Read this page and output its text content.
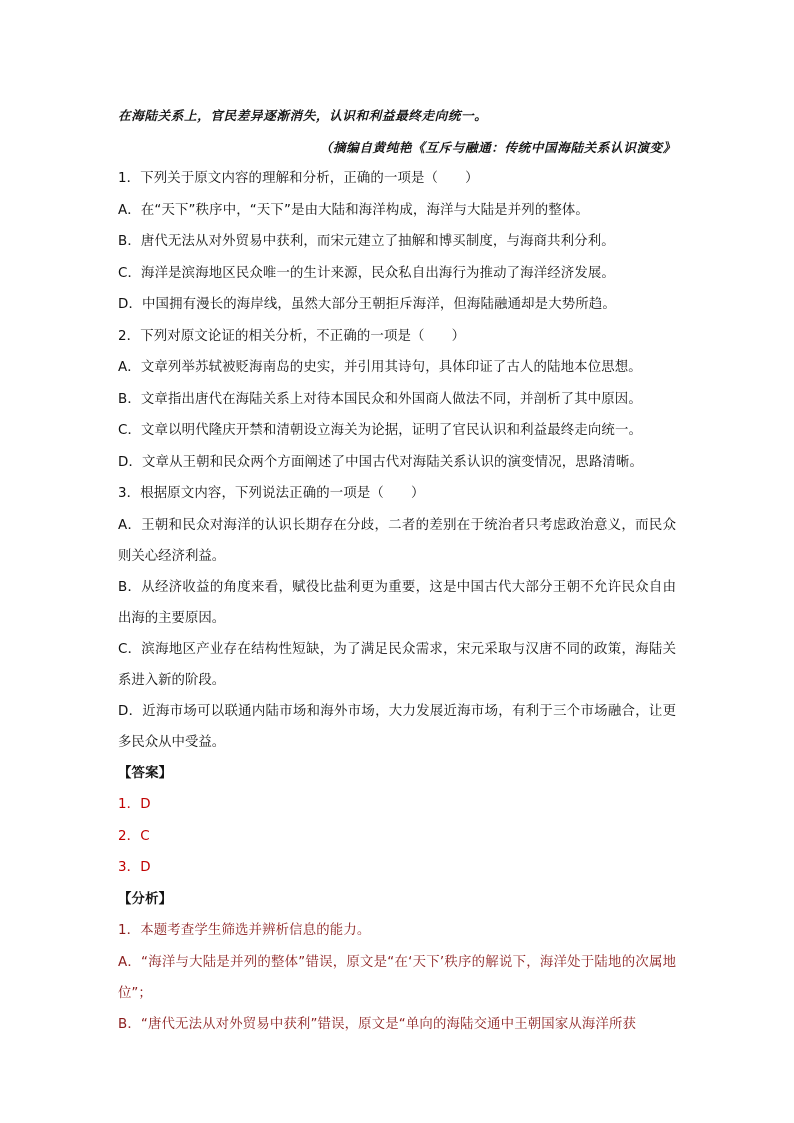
在海陆关系上，官民差异逐渐消失，认识和利益最终走向统一。
（摘编自黄纯艳《互斥与融通：传统中国海陆关系认识演变》
1．下列关于原文内容的理解和分析，正确的一项是（　　）
A．在“天下”秩序中，“天下”是由大陆和海洋构成，海洋与大陆是并列的整体。
B．唐代无法从对外贸易中获利，而宋元建立了抽解和博买制度，与海商共利分利。
C．海洋是滨海地区民众唯一的生计来源，民众私自出海行为推动了海洋经济发展。
D．中国拥有漫长的海岸线，虽然大部分王朝拒斥海洋，但海陆融通却是大势所趋。
2．下列对原文论证的相关分析，不正确的一项是（　　）
A．文章列举苏轼被贬海南岛的史实，并引用其诗句，具体印证了古人的陆地本位思想。
B．文章指出唐代在海陆关系上对待本国民众和外国商人做法不同，并剖析了其中原因。
C．文章以明代隆庆开禁和清朝设立海关为论据，证明了官民认识和利益最终走向统一。
D．文章从王朝和民众两个方面阐述了中国古代对海陆关系认识的演变情况，思路清晰。
3．根据原文内容，下列说法正确的一项是（　　）
A．王朝和民众对海洋的认识长期存在分歧，二者的差别在于统治者只考虑政治意义，而民众则关心经济利益。
B．从经济收益的角度来看，赋役比盐利更为重要，这是中国古代大部分王朝不允许民众自由出海的主要原因。
C．滨海地区产业存在结构性短缺，为了满足民众需求，宋元采取与汉唐不同的政策，海陆关系进入新的阶段。
D．近海市场可以联通内陆市场和海外市场，大力发展近海市场，有利于三个市场融合，让更多民众从中受益。
【答案】
1．D
2．C
3．D
【分析】
1．本题考查学生筛选并辨析信息的能力。
A．“海洋与大陆是并列的整体”错误，原文是“在‘天下’秩序的解说下，海洋处于陆地的次属地位”；
B．“唐代无法从对外贸易中获利”错误，原文是“单向的海陆交通中王朝国家从海洋所获
